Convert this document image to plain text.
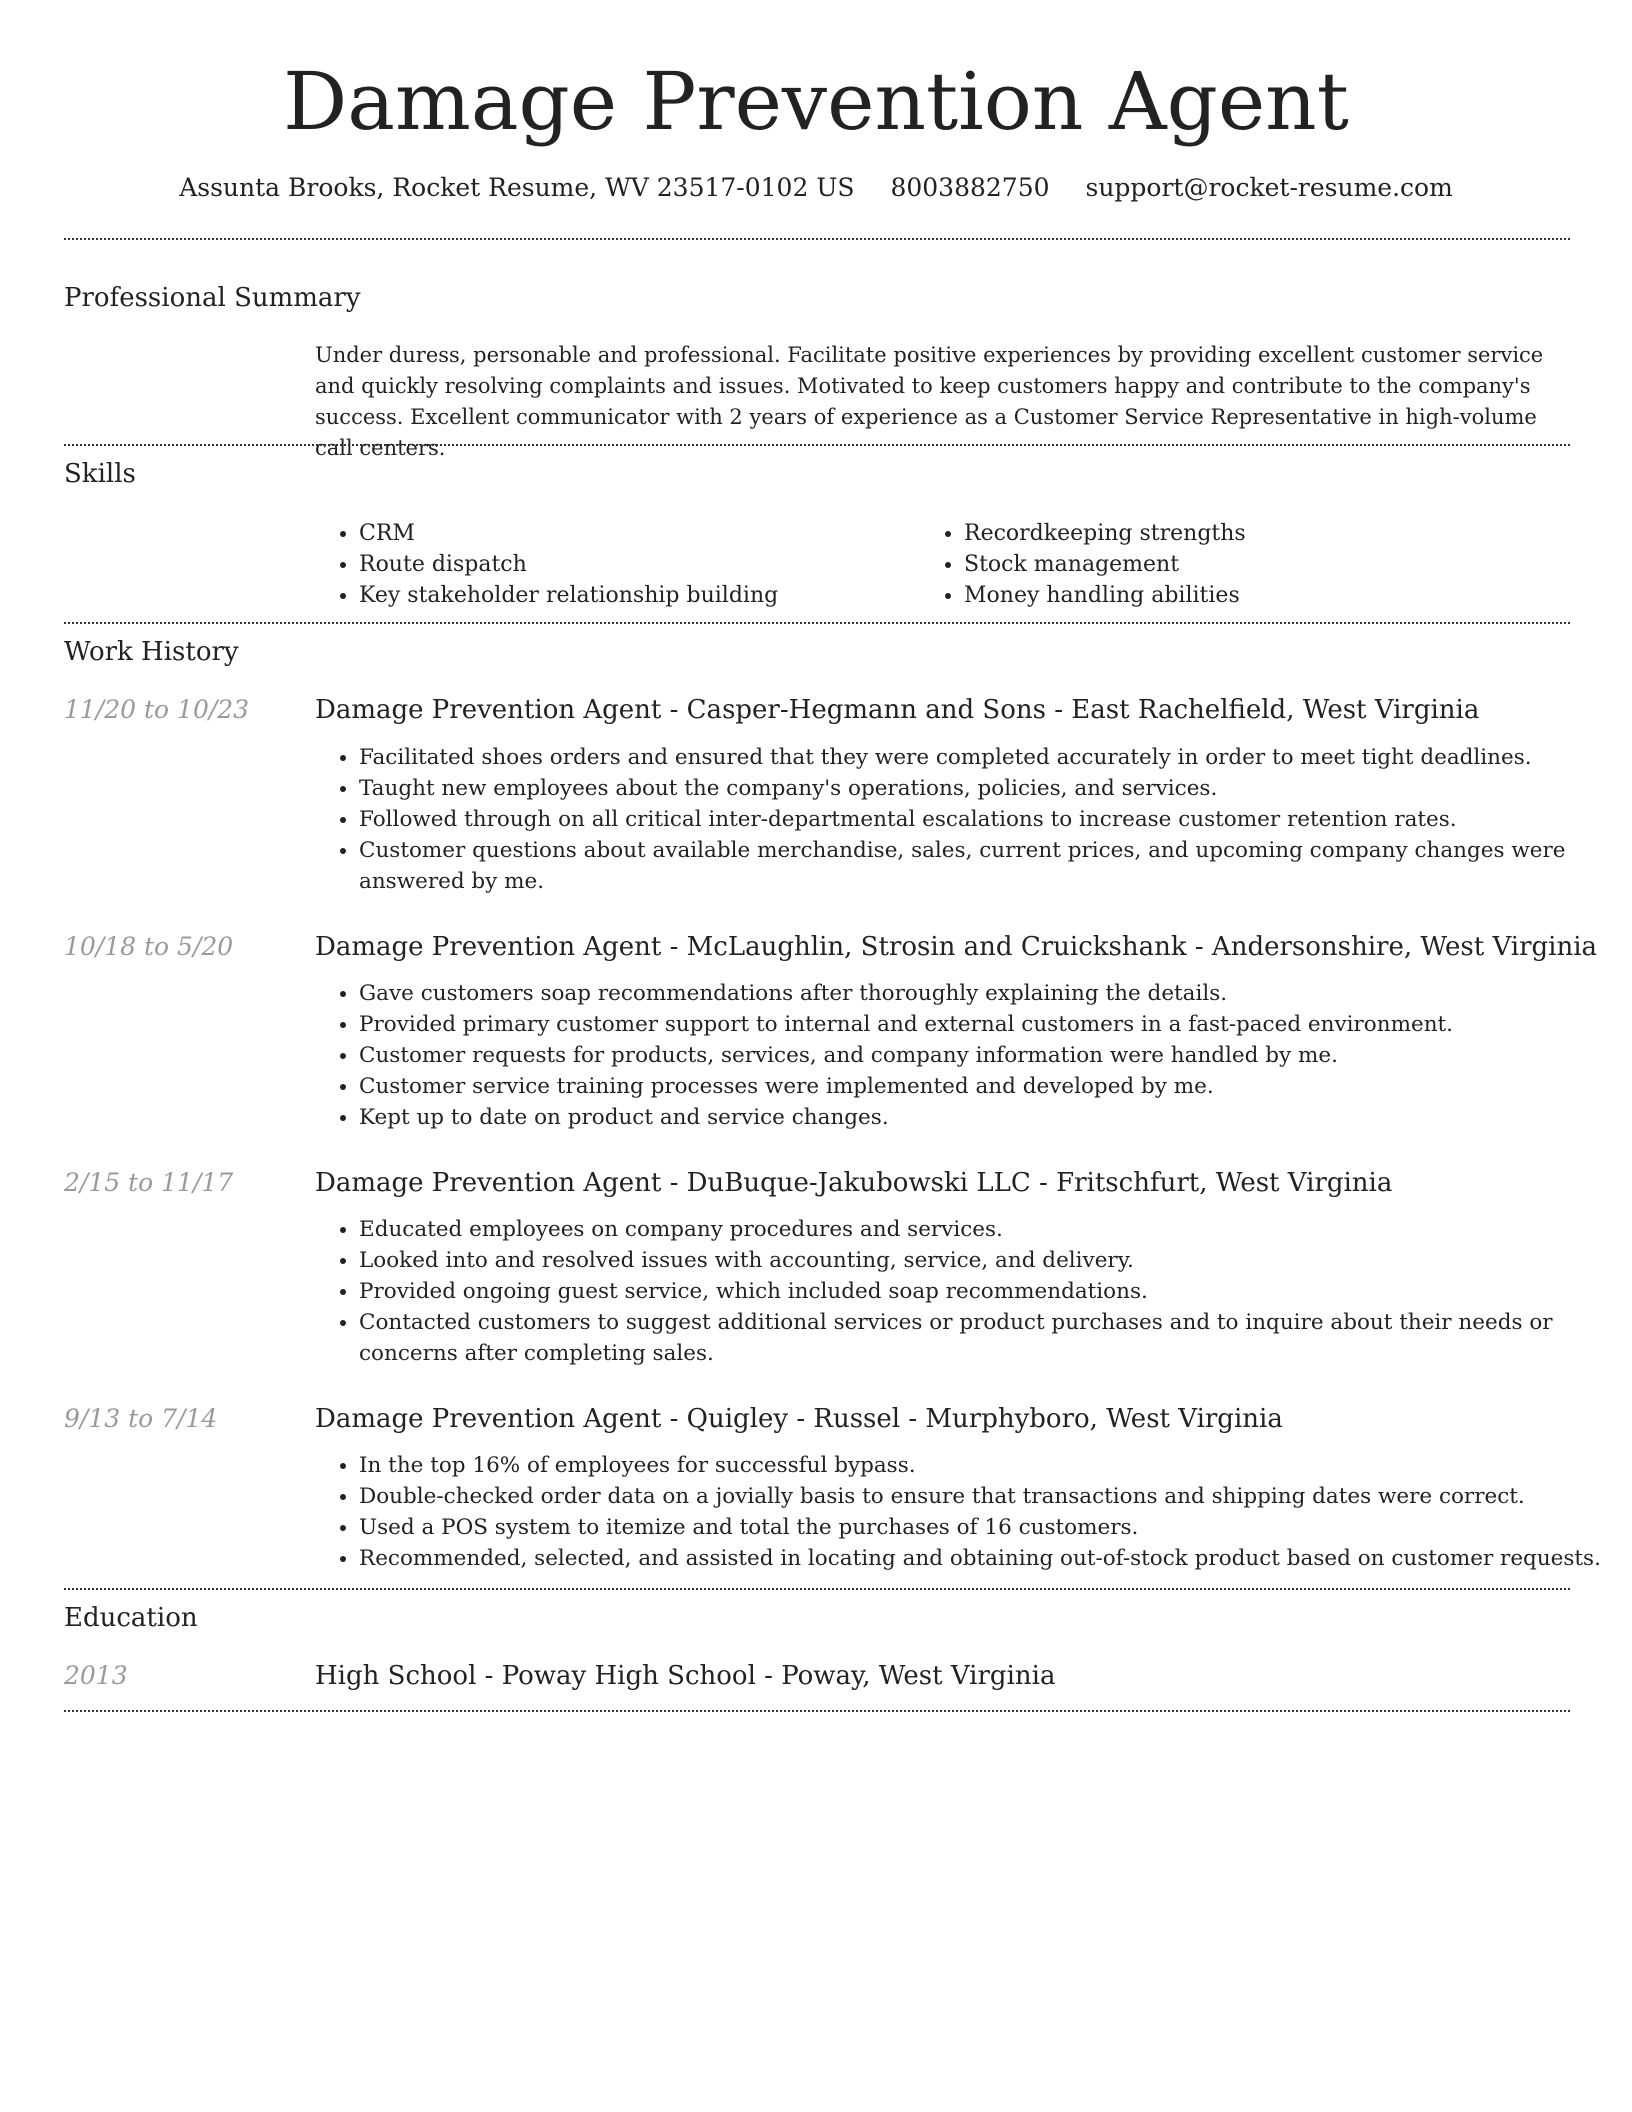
Damage Prevention Agent
Assunta Brooks, Rocket Resume, WV 23517-0102 US 8003882750 support@rocket-resume.com
Professional Summary
Under duress, personable and professional. Facilitate positive experiences by providing excellent customer service and quickly resolving complaints and issues. Motivated to keep customers happy and contribute to the company's success. Excellent communicator with 2 years of experience as a Customer Service Representative in high-volume call centers.
Skills
• CRM
• Route dispatch
• Key stakeholder relationship building
• Recordkeeping strengths
• Stock management
• Money handling abilities
Work History
11/20 to 10/23	Damage Prevention Agent - Casper-Hegmann and Sons - East Rachelfield, West Virginia
• Facilitated shoes orders and ensured that they were completed accurately in order to meet tight deadlines.
• Taught new employees about the company's operations, policies, and services.
• Followed through on all critical inter-departmental escalations to increase customer retention rates.
• Customer questions about available merchandise, sales, current prices, and upcoming company changes were answered by me.
10/18 to 5/20	Damage Prevention Agent - McLaughlin, Strosin and Cruickshank - Andersonshire, West Virginia
• Gave customers soap recommendations after thoroughly explaining the details.
• Provided primary customer support to internal and external customers in a fast-paced environment.
• Customer requests for products, services, and company information were handled by me.
• Customer service training processes were implemented and developed by me.
• Kept up to date on product and service changes.
2/15 to 11/17	Damage Prevention Agent - DuBuque-Jakubowski LLC - Fritschfurt, West Virginia
• Educated employees on company procedures and services.
• Looked into and resolved issues with accounting, service, and delivery.
• Provided ongoing guest service, which included soap recommendations.
• Contacted customers to suggest additional services or product purchases and to inquire about their needs or concerns after completing sales.
9/13 to 7/14	Damage Prevention Agent - Quigley - Russel - Murphyboro, West Virginia
• In the top 16% of employees for successful bypass.
• Double-checked order data on a jovially basis to ensure that transactions and shipping dates were correct.
• Used a POS system to itemize and total the purchases of 16 customers.
• Recommended, selected, and assisted in locating and obtaining out-of-stock product based on customer requests.
Education
2013	High School - Poway High School - Poway, West Virginia
